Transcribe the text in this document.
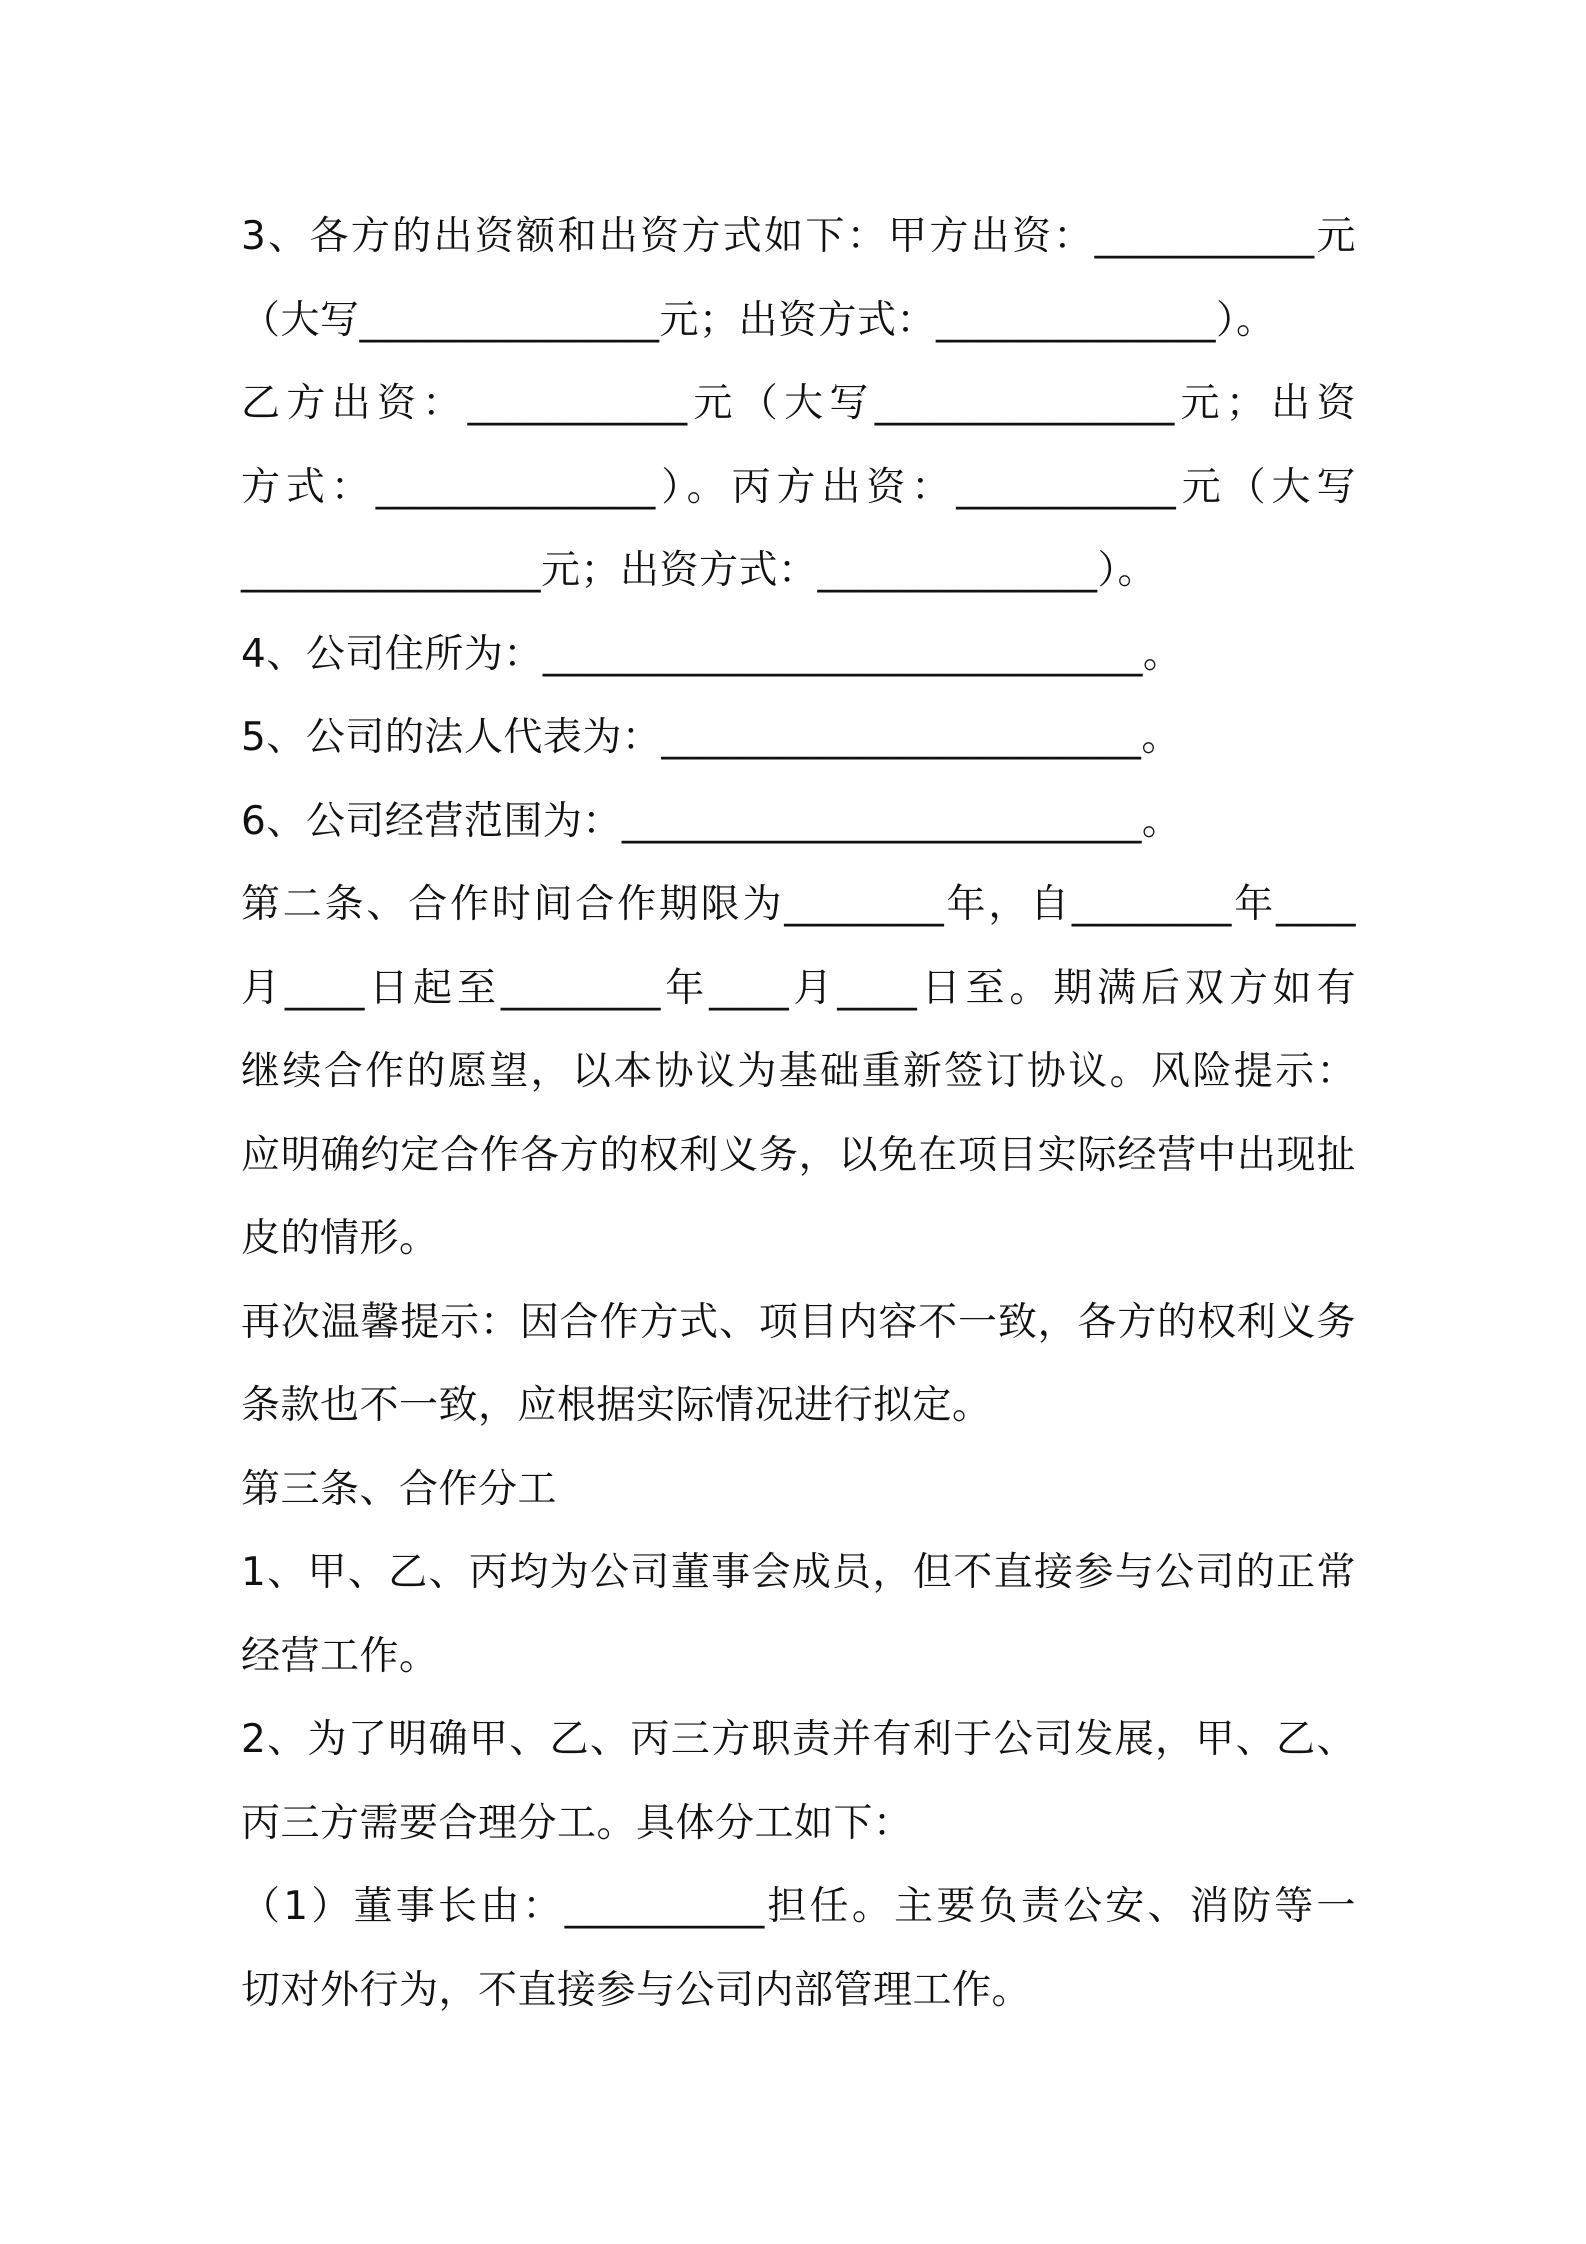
3、各方的出资额和出资方式如下：甲方出资：___________元
（大写_______________元；出资方式：______________）。
乙方出资：___________元（大写_______________元；出资
方式：______________）。丙方出资：___________元（大写
_______________元；出资方式：______________）。
4、公司住所为：______________________________。
5、公司的法人代表为：________________________。
6、公司经营范围为：__________________________。
第二条、合作时间合作期限为________年，自________年____
月____日起至________年____月____日至。期满后双方如有
继续合作的愿望，以本协议为基础重新签订协议。风险提示：
应明确约定合作各方的权利义务，以免在项目实际经营中出现扯
皮的情形。
再次温馨提示：因合作方式、项目内容不一致，各方的权利义务
条款也不一致，应根据实际情况进行拟定。
第三条、合作分工
1、甲、乙、丙均为公司董事会成员，但不直接参与公司的正常
经营工作。
2、为了明确甲、乙、丙三方职责并有利于公司发展，甲、乙、
丙三方需要合理分工。具体分工如下：
（1）董事长由：__________担任。主要负责公安、消防等一
切对外行为，不直接参与公司内部管理工作。
